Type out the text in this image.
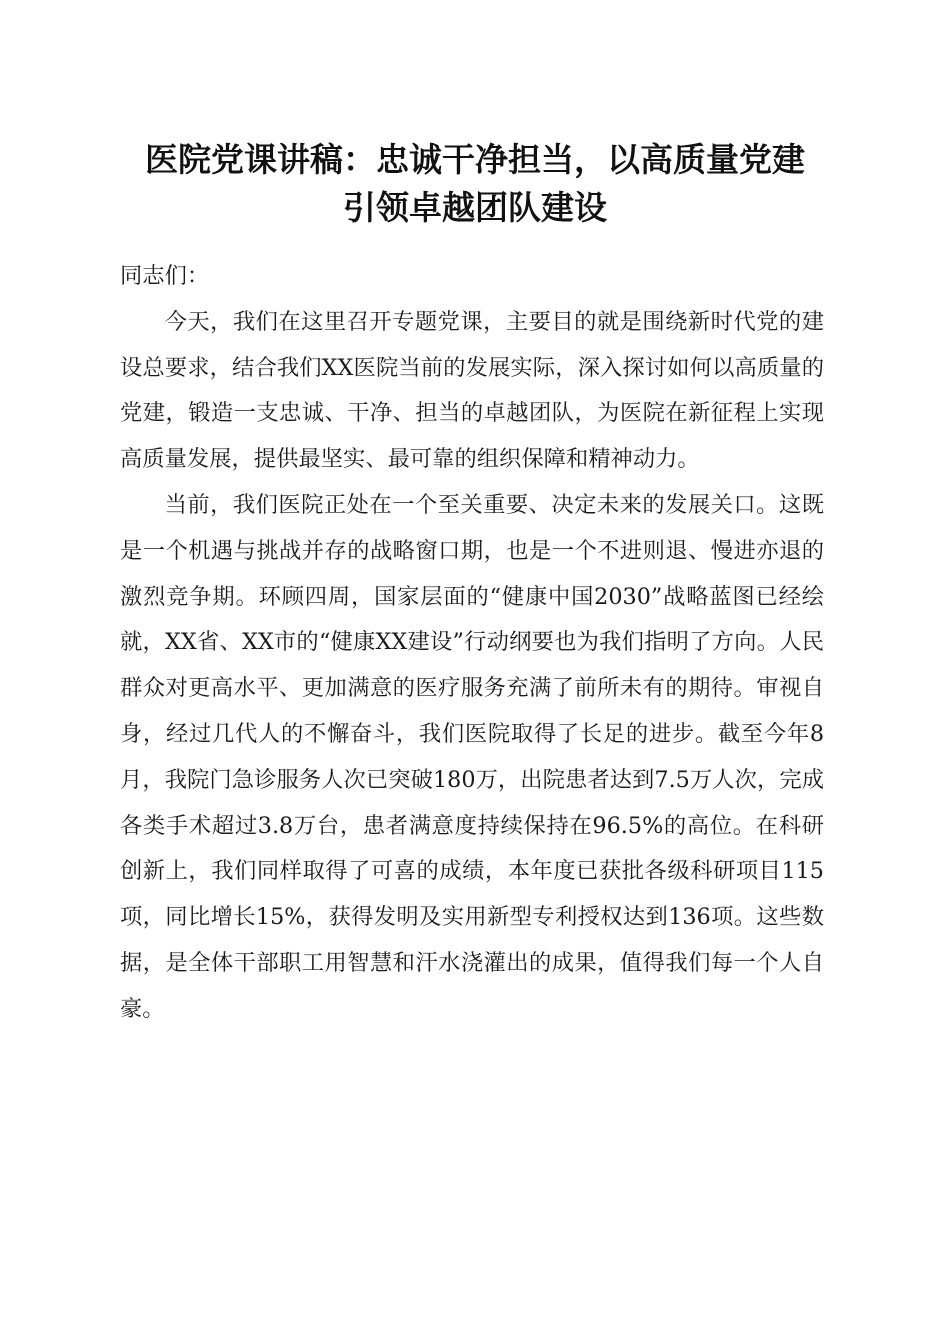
医院党课讲稿：忠诚干净担当，以高质量党建
引领卓越团队建设

同志们：

今天，我们在这里召开专题党课，主要目的就是围绕新时代党的建设总要求，结合我们XX医院当前的发展实际，深入探讨如何以高质量的党建，锻造一支忠诚、干净、担当的卓越团队，为医院在新征程上实现高质量发展，提供最坚实、最可靠的组织保障和精神动力。

当前，我们医院正处在一个至关重要、决定未来的发展关口。这既是一个机遇与挑战并存的战略窗口期，也是一个不进则退、慢进亦退的激烈竞争期。环顾四周，国家层面的“健康中国2030”战略蓝图已经绘就，XX省、XX市的“健康XX建设”行动纲要也为我们指明了方向。人民群众对更高水平、更加满意的医疗服务充满了前所未有的期待。审视自身，经过几代人的不懈奋斗，我们医院取得了长足的进步。截至今年8月，我院门急诊服务人次已突破180万，出院患者达到7.5万人次，完成各类手术超过3.8万台，患者满意度持续保持在96.5%的高位。在科研创新上，我们同样取得了可喜的成绩，本年度已获批各级科研项目115项，同比增长15%，获得发明及实用新型专利授权达到136项。这些数据，是全体干部职工用智慧和汗水浇灌出的成果，值得我们每一个人自豪。
